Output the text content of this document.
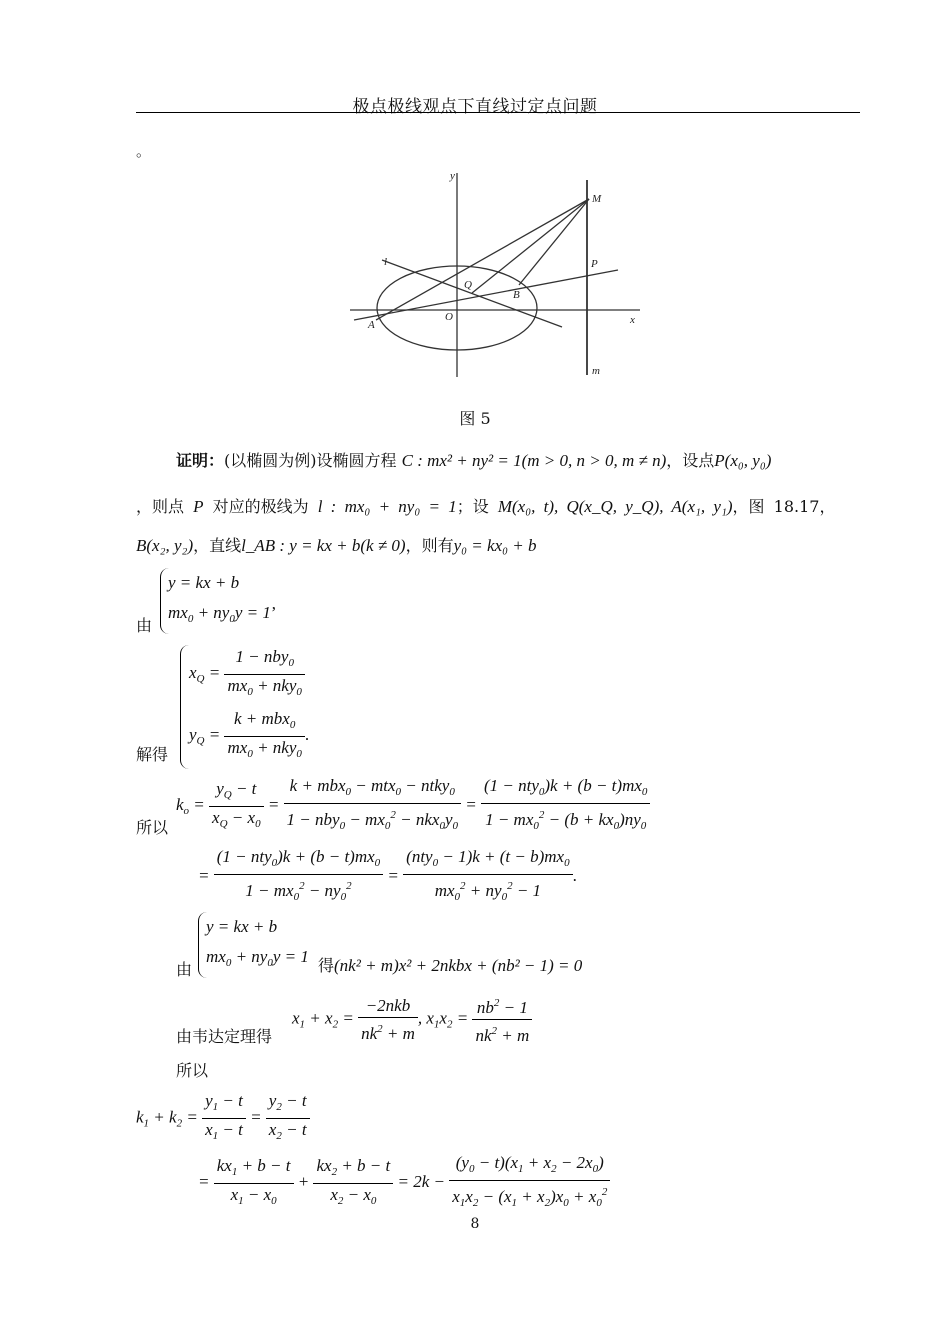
极点极线观点下直线过定点问题
。
y
x
M
P
l
Q
B
A
O
m
图 5
证明：(以椭圆为例)设椭圆方程 C : mx² + ny² = 1(m > 0, n > 0, m ≠ n)，设点P(x₀, y₀)
，则点 P 对应的极线为 l : mx₀ + ny₀ = 1；设 M(x₀, t), Q(x_Q, y_Q), A(x₁, y₁)，图 18.17，
B(x₂, y₂)，直线l_AB : y = kx + b(k ≠ 0)，则有y₀ = kx₀ + b
y = kx + b
$mx_0 + ny_0y = 1$’
由
$x_Q = \frac{1 - nby_0}{mx_0 + nky_0}$
$y_Q = \frac{k + mbx_0}{mx_0 + nky_0}$ .
解得
$k_o = \frac{y_Q - t}{x_Q - x_0} = \frac{k + mbx_0 - mtx_0 - ntky_0}{1 - nby_0 - mx_0^2 - nkx_0y_0} = \frac{(1 - nty_0)k + (b - t)mx_0}{1 - mx_0^2 - (b + kx_0)ny_0}$
所以
= $\frac{(1 - nty_0)k + (b - t)mx_0}{1 - mx_0^2 - ny_0^2} = \frac{(nty_0 - 1)k + (t - b)mx_0}{mx_0^2 + ny_0^2 - 1}$ .
y = kx + b
$mx_0 + ny_0y = 1$
由	得(nk² + m)x² + 2nkbx + (nb² − 1) = 0
由韦达定理得
$x_1 + x_2 = \frac{\text{−2nkb}}{nk^2 + m}$ , $x_1x_2 = \frac{nb^2 - 1}{nk^2 + m}$
所以
$k_1 + k_2 = \frac{y_1 - t}{x_1 - t} = \frac{y_2 - t}{x_2 - t}$
= $\frac{kx_1 + b - t}{x_1 - x_0} + \frac{kx_2 + b - t}{x_2 - x_0} = 2k - \frac{(y_0 - t)(x_1 + x_2 - 2x_0)}{x_1x_2 - (x_1 + x_2)x_0 + x_0^2}$
8
